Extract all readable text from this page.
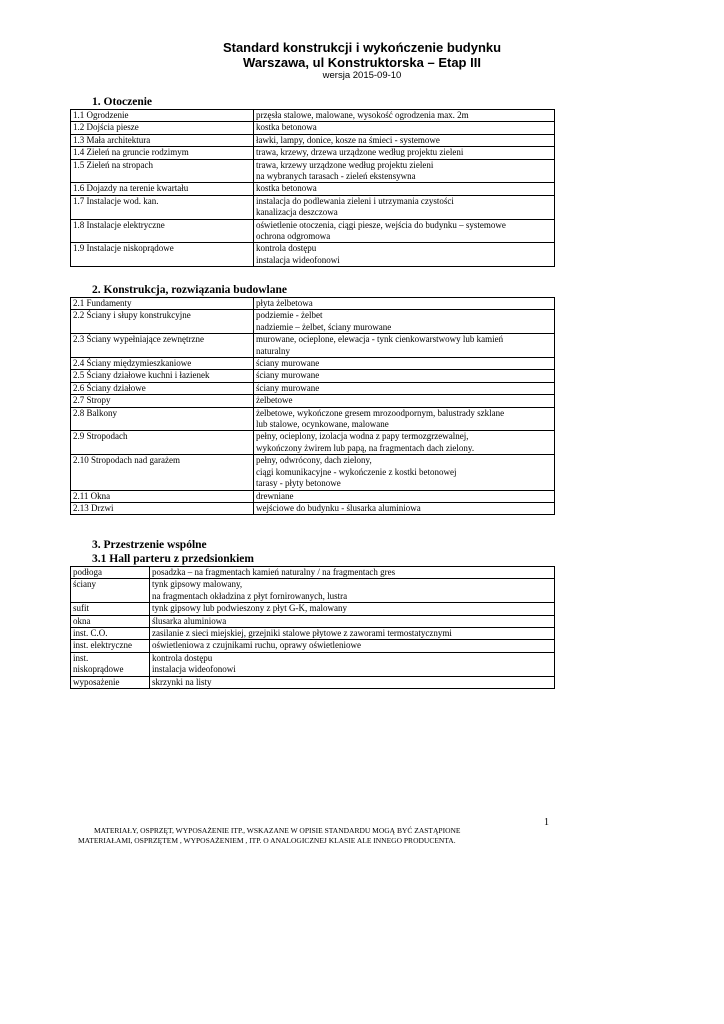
Standard konstrukcji i wykończenie budynku
Warszawa, ul Konstruktorska – Etap III
wersja 2015-09-10
1. Otoczenie
1.1 Ogrodzenie	przęsła stalowe, malowane, wysokość ogrodzenia max. 2m

1.2 Dojścia piesze	kostka betonowa

1.3 Mała architektura	ławki, lampy, donice, kosze na śmieci - systemowe

1.4 Zieleń na gruncie rodzimym	trawa, krzewy, drzewa urządzone według projektu zieleni

1.5 Zieleń na stropach	trawa, krzewy urządzone według projektu zieleni
na wybranych tarasach - zieleń ekstensywna

1.6 Dojazdy na terenie kwartału	kostka betonowa

1.7 Instalacje wod. kan.	instalacja do podlewania zieleni i utrzymania czystości
kanalizacja deszczowa

1.8 Instalacje elektryczne	oświetlenie otoczenia, ciągi piesze, wejścia do budynku – systemowe
ochrona odgromowa

1.9 Instalacje niskoprądowe	kontrola dostępu
instalacja wideofonowi
2. Konstrukcja, rozwiązania budowlane
2.1 Fundamenty	płyta żelbetowa

2.2 Ściany i słupy konstrukcyjne	podziemie - żelbet
nadziemie – żelbet, ściany murowane

2.3 Ściany wypełniające zewnętrzne	murowane, ocieplone, elewacja - tynk cienkowarstwowy lub kamień
naturalny

2.4 Ściany międzymieszkaniowe	ściany murowane

2.5 Ściany działowe kuchni i łazienek	ściany murowane

2.6 Ściany działowe	ściany murowane

2.7 Stropy	żelbetowe

2.8 Balkony	żelbetowe, wykończone gresem mrozoodpornym, balustrady szklane
lub stalowe, ocynkowane, malowane

2.9 Stropodach	pełny, ocieplony, izolacja wodna z papy termozgrzewalnej,
wykończony żwirem lub papą, na fragmentach dach zielony.

2.10 Stropodach nad garażem	pełny, odwrócony, dach zielony,
ciągi komunikacyjne - wykończenie z kostki betonowej
tarasy - płyty betonowe

2.11 Okna	drewniane

2.13 Drzwi	wejściowe do budynku - ślusarka aluminiowa
3. Przestrzenie wspólne
3.1 Hall parteru z przedsionkiem
podłoga	posadzka – na fragmentach kamień naturalny / na fragmentach gres

ściany	tynk gipsowy malowany,
na fragmentach okładzina z płyt fornirowanych, lustra

sufit	tynk gipsowy lub podwieszony z płyt G-K, malowany

okna	ślusarka aluminiowa

inst. C.O.	zasilanie z sieci miejskiej, grzejniki stalowe płytowe z zaworami termostatycznymi

inst. elektryczne	oświetleniowa z czujnikami ruchu, oprawy oświetleniowe

inst.
niskoprądowe	kontrola dostępu
instalacja wideofonowi

wyposażenie	skrzynki na listy
1
MATERIAŁY, OSPRZĘT, WYPOSAŻENIE ITP., WSKAZANE W OPISIE STANDARDU MOGĄ BYĆ ZASTĄPIONE
MATERIAŁAMI, OSPRZĘTEM , WYPOSAŻENIEM , ITP. O ANALOGICZNEJ KLASIE ALE INNEGO PRODUCENTA.
